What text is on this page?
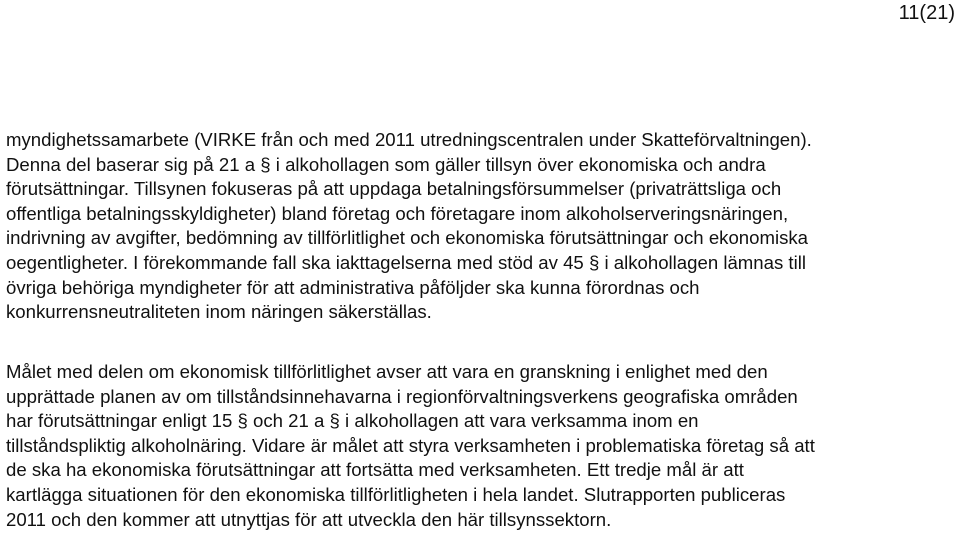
11(21)
myndighetssamarbete (VIRKE från och med 2011 utredningscentralen under Skatteförvaltningen).
Denna del baserar sig på 21 a § i alkohollagen som gäller tillsyn över ekonomiska och andra
förutsättningar. Tillsynen fokuseras på att uppdaga betalningsförsummelser (privaträttsliga och
offentliga betalningsskyldigheter) bland företag och företagare inom alkoholserveringsnäringen,
indrivning av avgifter, bedömning av tillförlitlighet och ekonomiska förutsättningar och ekonomiska
oegentligheter. I förekommande fall ska iakttagelserna med stöd av 45 § i alkohollagen lämnas till
övriga behöriga myndigheter för att administrativa påföljder ska kunna förordnas och
konkurrensneutraliteten inom näringen säkerställas.
Målet med delen om ekonomisk tillförlitlighet avser att vara en granskning i enlighet med den
upprättade planen av om tillståndsinnehavarna i regionförvaltningsverkens geografiska områden
har förutsättningar enligt 15 § och 21 a § i alkohollagen att vara verksamma inom en
tillståndspliktig alkoholnäring. Vidare är målet att styra verksamheten i problematiska företag så att
de ska ha ekonomiska förutsättningar att fortsätta med verksamheten. Ett tredje mål är att
kartlägga situationen för den ekonomiska tillförlitligheten i hela landet. Slutrapporten publiceras
2011 och den kommer att utnyttjas för att utveckla den här tillsynssektorn.
